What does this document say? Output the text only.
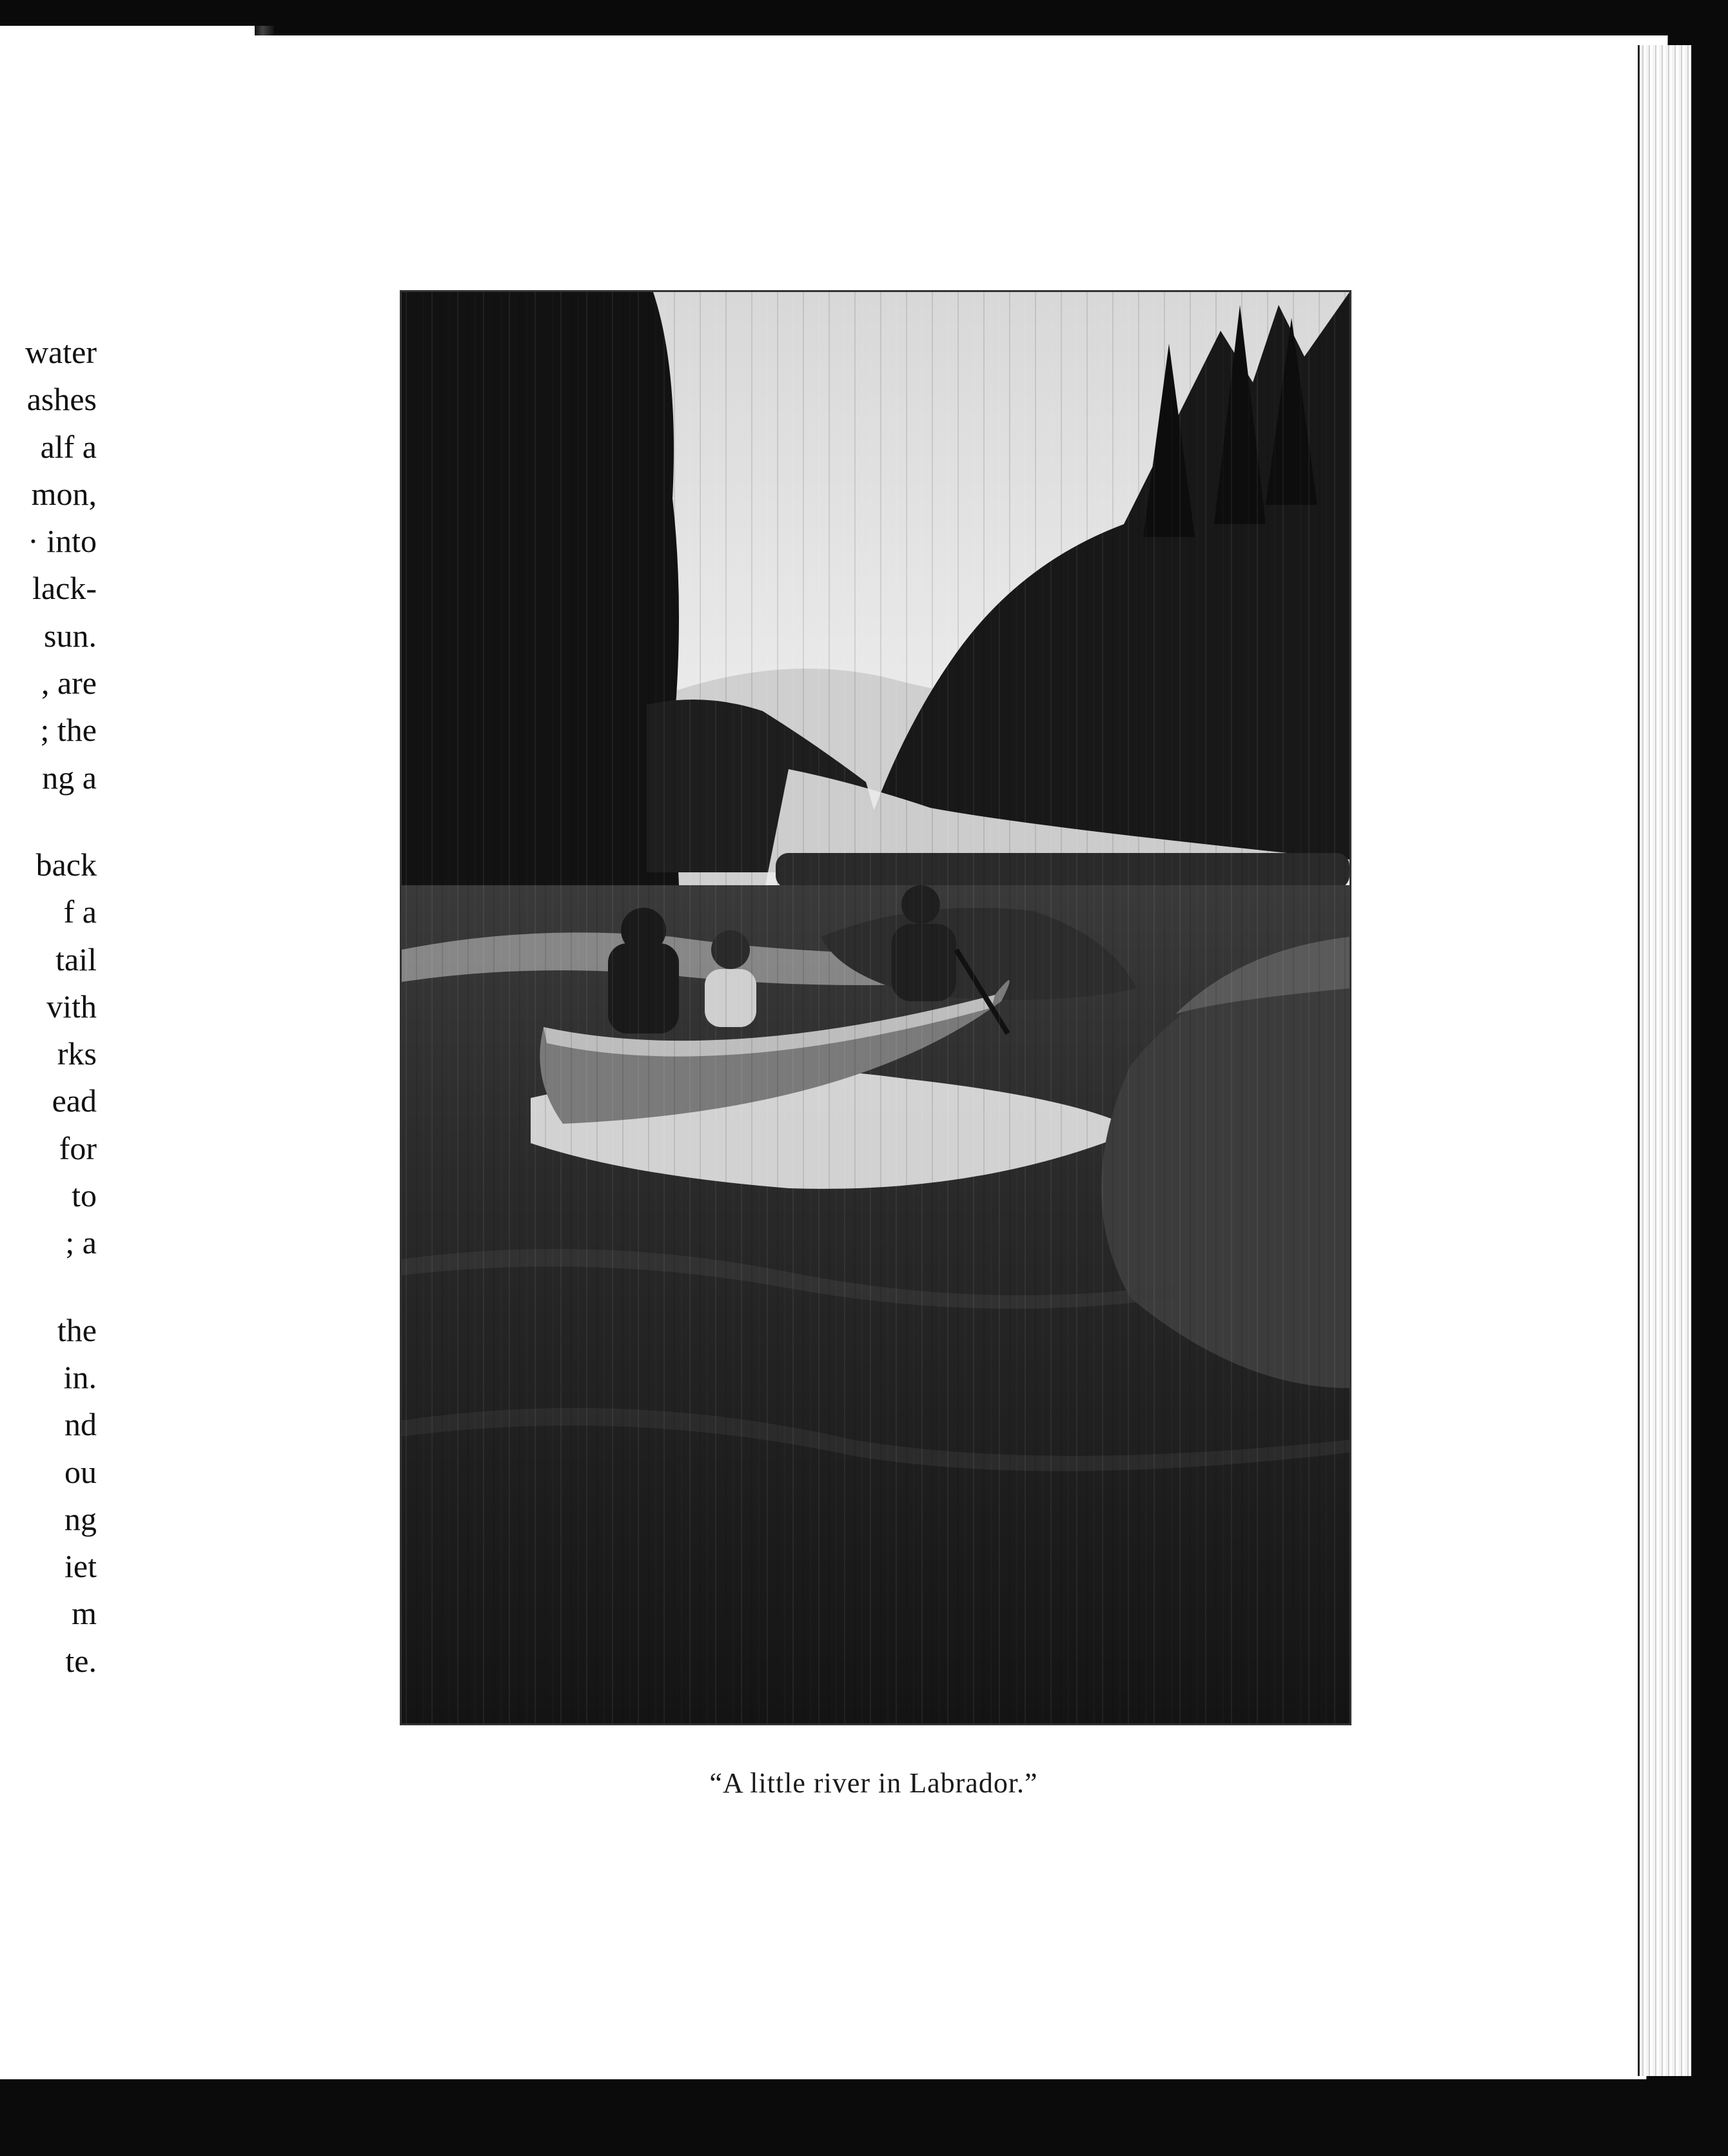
water
ashes
alf a
mon,
· into
lack-
sun.
, are
; the
ng a
back
f a
tail
vith
rks
ead
for
to
; a
the
in.
nd
ou
ng
iet
m
te.
“A little river in Labrador.”
